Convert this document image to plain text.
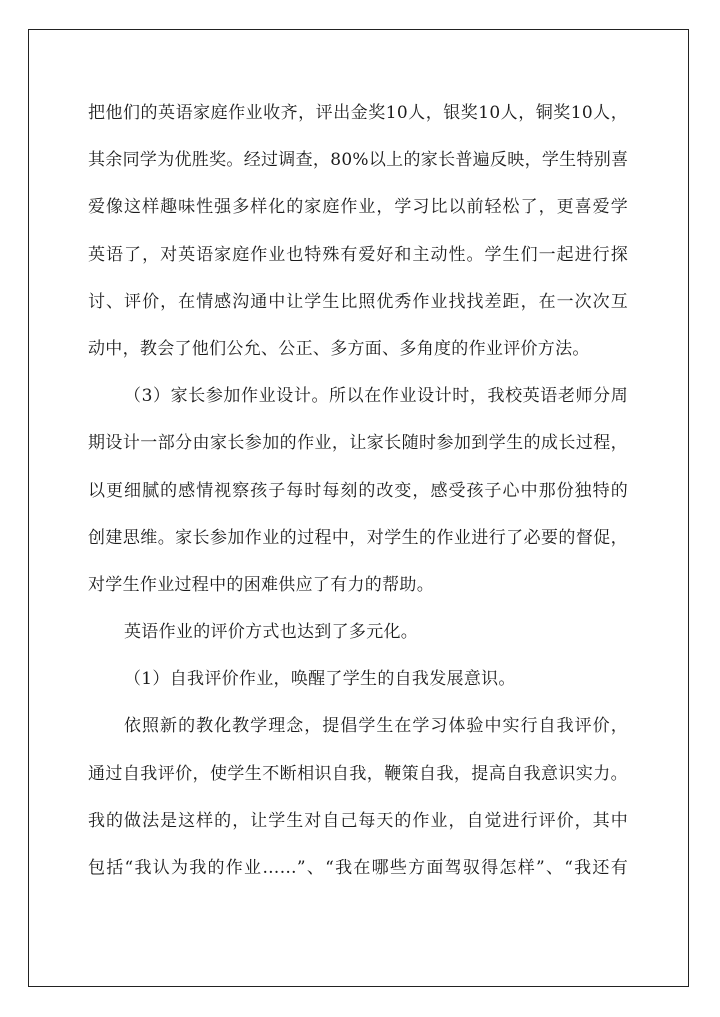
把他们的英语家庭作业收齐，评出金奖10人，银奖10人，铜奖10人，
其余同学为优胜奖。经过调查，80%以上的家长普遍反映，学生特别喜
爱像这样趣味性强多样化的家庭作业，学习比以前轻松了，更喜爱学
英语了，对英语家庭作业也特殊有爱好和主动性。学生们一起进行探
讨、评价，在情感沟通中让学生比照优秀作业找找差距，在一次次互
动中，教会了他们公允、公正、多方面、多角度的作业评价方法。
（3）家长参加作业设计。所以在作业设计时，我校英语老师分周
期设计一部分由家长参加的作业，让家长随时参加到学生的成长过程，
以更细腻的感情视察孩子每时每刻的改变，感受孩子心中那份独特的
创建思维。家长参加作业的过程中，对学生的作业进行了必要的督促，
对学生作业过程中的困难供应了有力的帮助。
英语作业的评价方式也达到了多元化。
（1）自我评价作业，唤醒了学生的自我发展意识。
依照新的教化教学理念，提倡学生在学习体验中实行自我评价，
通过自我评价，使学生不断相识自我，鞭策自我，提高自我意识实力。
我的做法是这样的，让学生对自己每天的作业，自觉进行评价，其中
包括“我认为我的作业……”、“我在哪些方面驾驭得怎样”、“我还有
